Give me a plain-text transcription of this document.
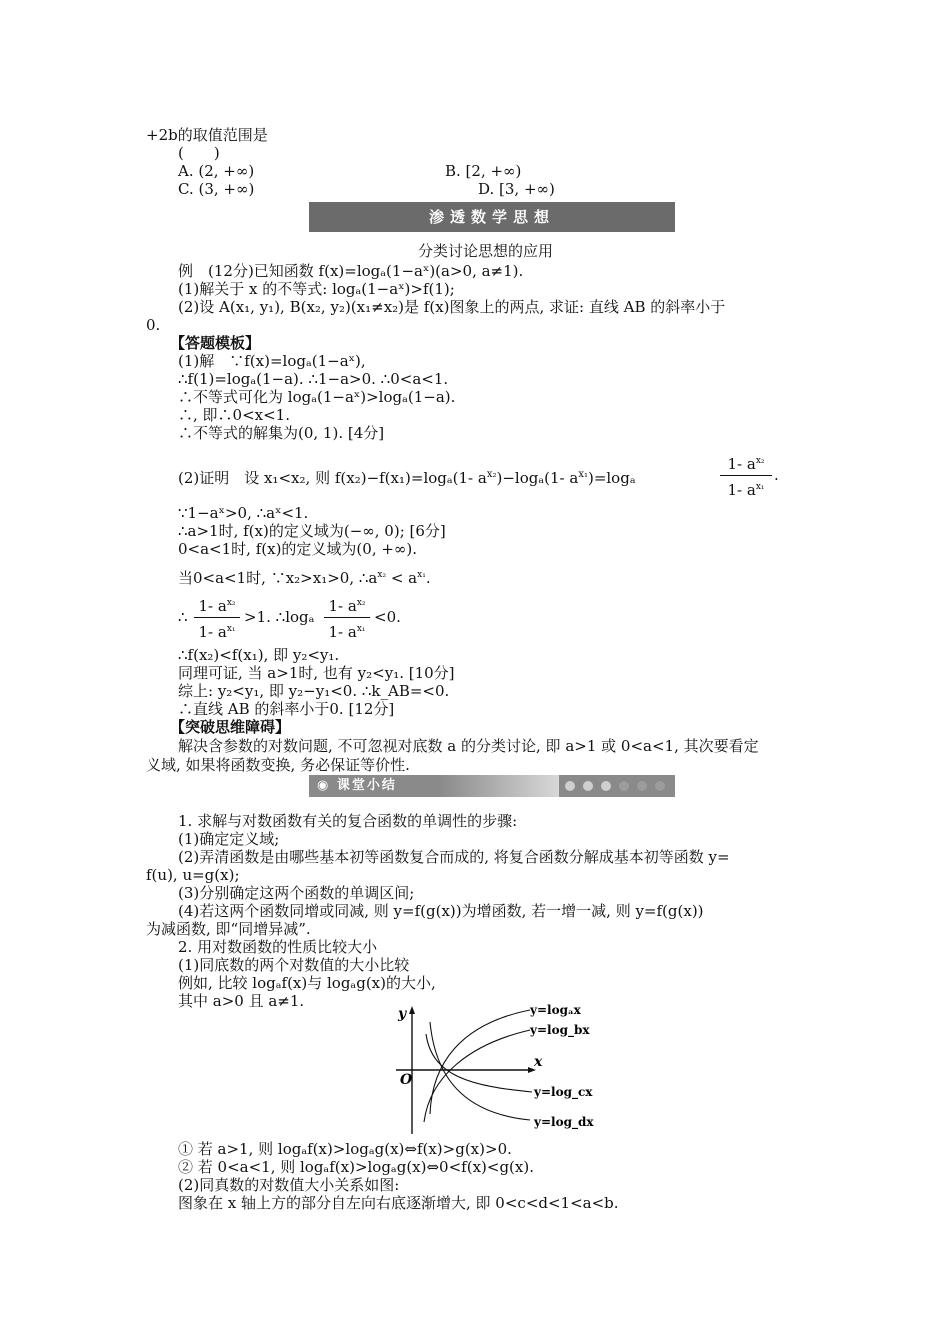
+2b的取值范围是
(　　)
A. (2, +∞)	B. [2, +∞)
C. (3, +∞)	D. [3, +∞)
渗透数学思想
分类讨论思想的应用
例　(12分)已知函数 f(x)=logₐ(1−aˣ)(a>0, a≠1).
(1)解关于 x 的不等式: logₐ(1−aˣ)>f(1);
(2)设 A(x₁, y₁), B(x₂, y₂)(x₁≠x₂)是 f(x)图象上的两点, 求证: 直线 AB 的斜率小于
0.
【答题模板】
(1)解　∵f(x)=logₐ(1−aˣ),
∴f(1)=logₐ(1−a). ∴1−a>0. ∴0<a<1.
∴不等式可化为 logₐ(1−aˣ)>logₐ(1−a).
∴, 即∴0<x<1.
∴不等式的解集为(0, 1). [4分]
(2)证明　设 x₁<x₂, 则 f(x₂)−f(x₁)=logₐ(1- $a^{x_2})-\log_a(1-$ $a^{x_1})=\log_a$
1- $a^{x_2}$
1- $a^{x_1}$
.
∵1−aˣ>0, ∴aˣ<1.
∴a>1时, f(x)的定义域为(−∞, 0); [6分]
0<a<1时, f(x)的定义域为(0, +∞).
当0<a<1时, ∵x₂>x₁>0, $\therefore a^{x_2} < a^{x_1}$.
∴
1- $a^{x_2}$
1- $a^{x_1}$
>1. ∴logₐ
1- $a^{x_2}$
1- $a^{x_1}$
<0.
∴f(x₂)<f(x₁), 即 y₂<y₁.
同理可证, 当 a>1时, 也有 y₂<y₁. [10分]
综上: y₂<y₁, 即 y₂−y₁<0. ∴k_AB=<0.
∴直线 AB 的斜率小于0. [12分]
【突破思维障碍】
解决含参数的对数问题, 不可忽视对底数 a 的分类讨论, 即 a>1 或 0<a<1, 其次要看定
义域, 如果将函数变换, 务必保证等价性.
◉ 课堂小结
1. 求解与对数函数有关的复合函数的单调性的步骤:
(1)确定定义域;
(2)弄清函数是由哪些基本初等函数复合而成的, 将复合函数分解成基本初等函数 y=
f(u), u=g(x);
(3)分别确定这两个函数的单调区间;
(4)若这两个函数同增或同减, 则 y=f(g(x))为增函数, 若一增一减, 则 y=f(g(x))
为减函数, 即“同增异减”.
2. 用对数函数的性质比较大小
(1)同底数的两个对数值的大小比较
例如, 比较 logₐf(x)与 logₐg(x)的大小,
其中 a>0 且 a≠1.
y
x
O
y=logₐx
y=log_bx
y=log_cx
y=log_dx
① 若 a>1, 则 logₐf(x)>logₐg(x)⇔f(x)>g(x)>0.
② 若 0<a<1, 则 logₐf(x)>logₐg(x)⇔0<f(x)<g(x).
(2)同真数的对数值大小关系如图:
图象在 x 轴上方的部分自左向右底逐渐增大, 即 0<c<d<1<a<b.
